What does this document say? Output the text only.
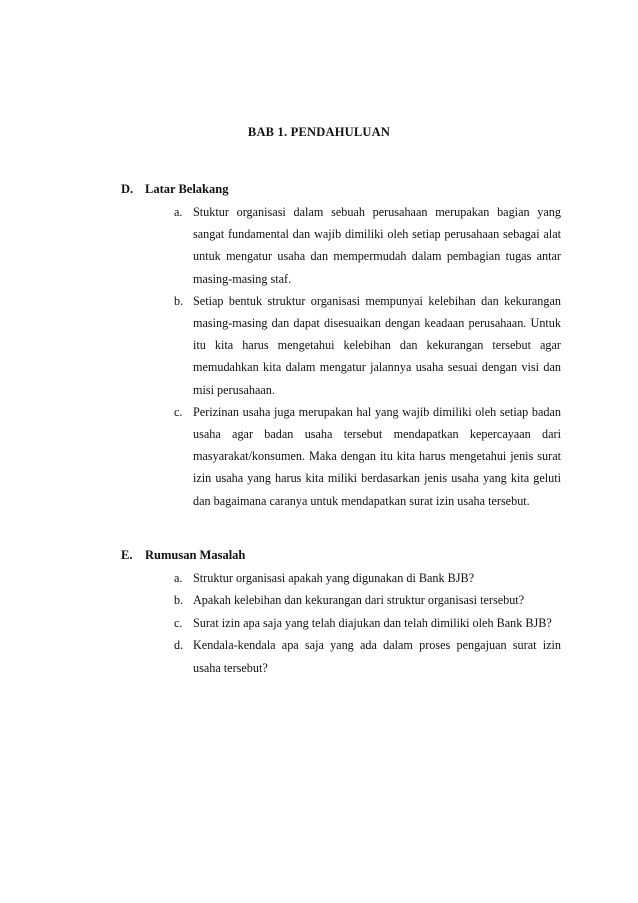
BAB 1. PENDAHULUAN
D. Latar Belakang
a. Stuktur organisasi dalam sebuah perusahaan merupakan bagian yang sangat fundamental dan wajib dimiliki oleh setiap perusahaan sebagai alat untuk mengatur usaha dan mempermudah dalam pembagian tugas antar masing-masing staf.
b. Setiap bentuk struktur organisasi mempunyai kelebihan dan kekurangan masing-masing dan dapat disesuaikan dengan keadaan perusahaan. Untuk itu kita harus mengetahui kelebihan dan kekurangan tersebut agar memudahkan kita dalam mengatur jalannya usaha sesuai dengan visi dan misi perusahaan.
c. Perizinan usaha juga merupakan hal yang wajib dimiliki oleh setiap badan usaha agar badan usaha tersebut mendapatkan kepercayaan dari masyarakat/konsumen. Maka dengan itu kita harus mengetahui jenis surat izin usaha yang harus kita miliki berdasarkan jenis usaha yang kita geluti dan bagaimana caranya untuk mendapatkan surat izin usaha tersebut.
E. Rumusan Masalah
a. Struktur organisasi apakah yang digunakan di Bank BJB?
b. Apakah kelebihan dan kekurangan dari struktur organisasi tersebut?
c. Surat izin apa saja yang telah diajukan dan telah dimiliki oleh Bank BJB?
d. Kendala-kendala apa saja yang ada dalam proses pengajuan surat izin usaha tersebut?
